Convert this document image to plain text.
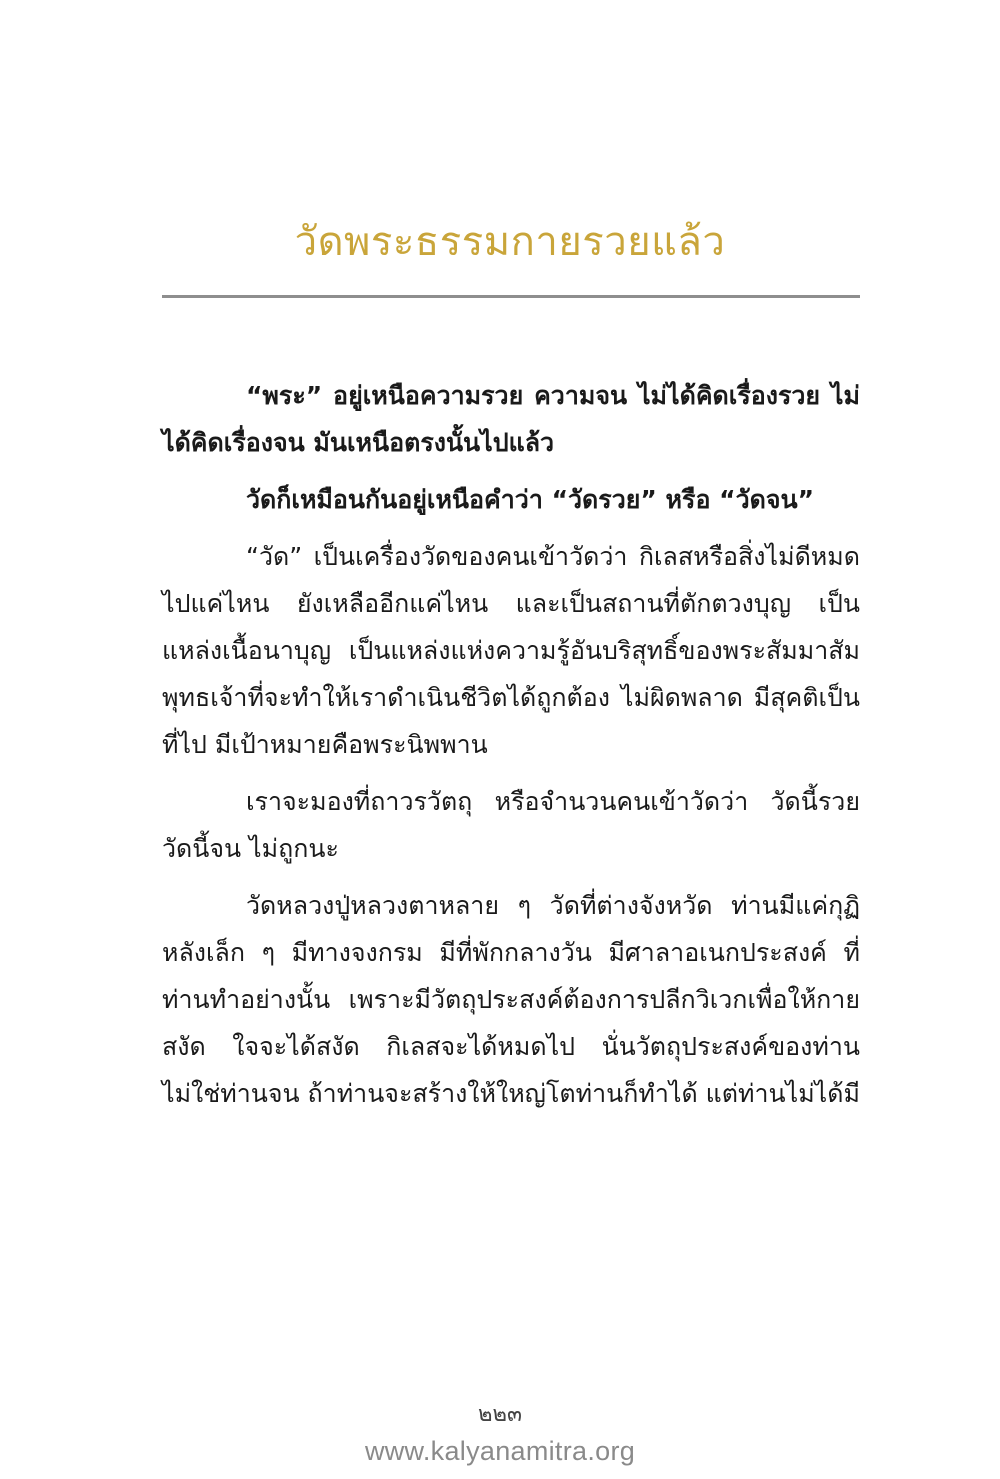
วัดพระธรรมกายรวยแล้ว

“พระ” อยู่เหนือความรวย ความจน ไม่ได้คิดเรื่องรวย ไม่ได้คิดเรื่องจน มันเหนือตรงนั้นไปแล้ว

วัดก็เหมือนกันอยู่เหนือคำว่า “วัดรวย” หรือ “วัดจน”

“วัด” เป็นเครื่องวัดของคนเข้าวัดว่า กิเลสหรือสิ่งไม่ดีหมดไปแค่ไหน ยังเหลืออีกแค่ไหน และเป็นสถานที่ตักตวงบุญ เป็นแหล่งเนื้อนาบุญ เป็นแหล่งแห่งความรู้อันบริสุทธิ์ของพระสัมมาสัมพุทธเจ้าที่จะทำให้เราดำเนินชีวิตได้ถูกต้อง ไม่ผิดพลาด มีสุคติเป็นที่ไป มีเป้าหมายคือพระนิพพาน

เราจะมองที่ถาวรวัตถุ หรือจำนวนคนเข้าวัดว่า วัดนี้รวย วัดนี้จน ไม่ถูกนะ

วัดหลวงปู่หลวงตาหลาย ๆ วัดที่ต่างจังหวัด ท่านมีแค่กุฏิหลังเล็ก ๆ มีทางจงกรม มีที่พักกลางวัน มีศาลาอเนกประสงค์ ที่ท่านทำอย่างนั้น เพราะมีวัตถุประสงค์ต้องการปลีกวิเวกเพื่อให้กายสงัด ใจจะได้สงัด กิเลสจะได้หมดไป นั่นวัตถุประสงค์ของท่าน ไม่ใช่ท่านจน ถ้าท่านจะสร้างให้ใหญ่โตท่านก็ทำได้ แต่ท่านไม่ได้มี

๒๒๓
www.kalyanamitra.org
